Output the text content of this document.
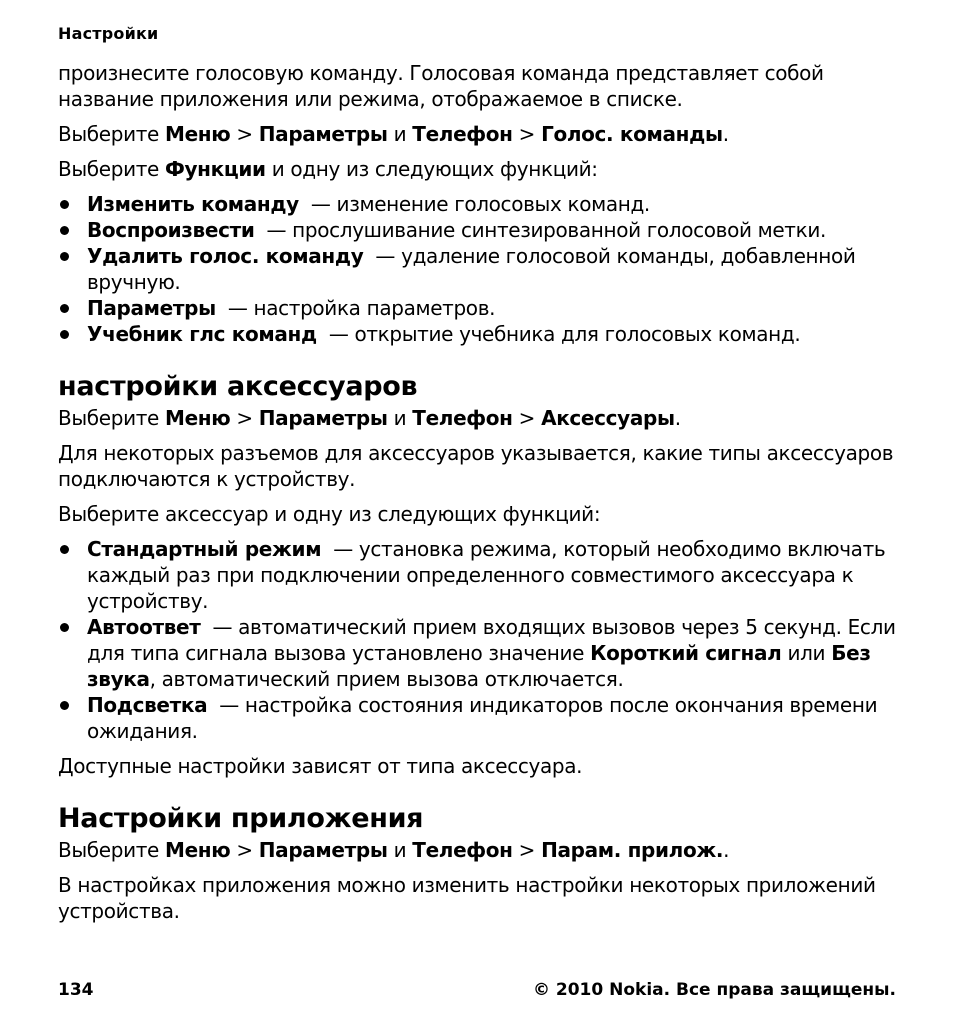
Настройки

произнесите голосовую команду. Голосовая команда представляет собой название приложения или режима, отображаемое в списке.

Выберите Меню > Параметры и Телефон > Голос. команды.

Выберите Функции и одну из следующих функций:

Изменить команду — изменение голосовых команд.
Воспроизвести — прослушивание синтезированной голосовой метки.
Удалить голос. команду — удаление голосовой команды, добавленной вручную.
Параметры — настройка параметров.
Учебник глс команд — открытие учебника для голосовых команд.
настройки аксессуаров

Выберите Меню > Параметры и Телефон > Аксессуары.

Для некоторых разъемов для аксессуаров указывается, какие типы аксессуаров подключаются к устройству.

Выберите аксессуар и одну из следующих функций:

Стандартный режим — установка режима, который необходимо включать каждый раз при подключении определенного совместимого аксессуара к устройству.
Автоответ — автоматический прием входящих вызовов через 5 секунд. Если для типа сигнала вызова установлено значение Короткий сигнал или Без звука, автоматический прием вызова отключается.
Подсветка — настройка состояния индикаторов после окончания времени ожидания.

Доступные настройки зависят от типа аксессуара.

Настройки приложения

Выберите Меню > Параметры и Телефон > Парам. прилож..

В настройках приложения можно изменить настройки некоторых приложений устройства.

134	© 2010 Nokia. Все права защищены.
